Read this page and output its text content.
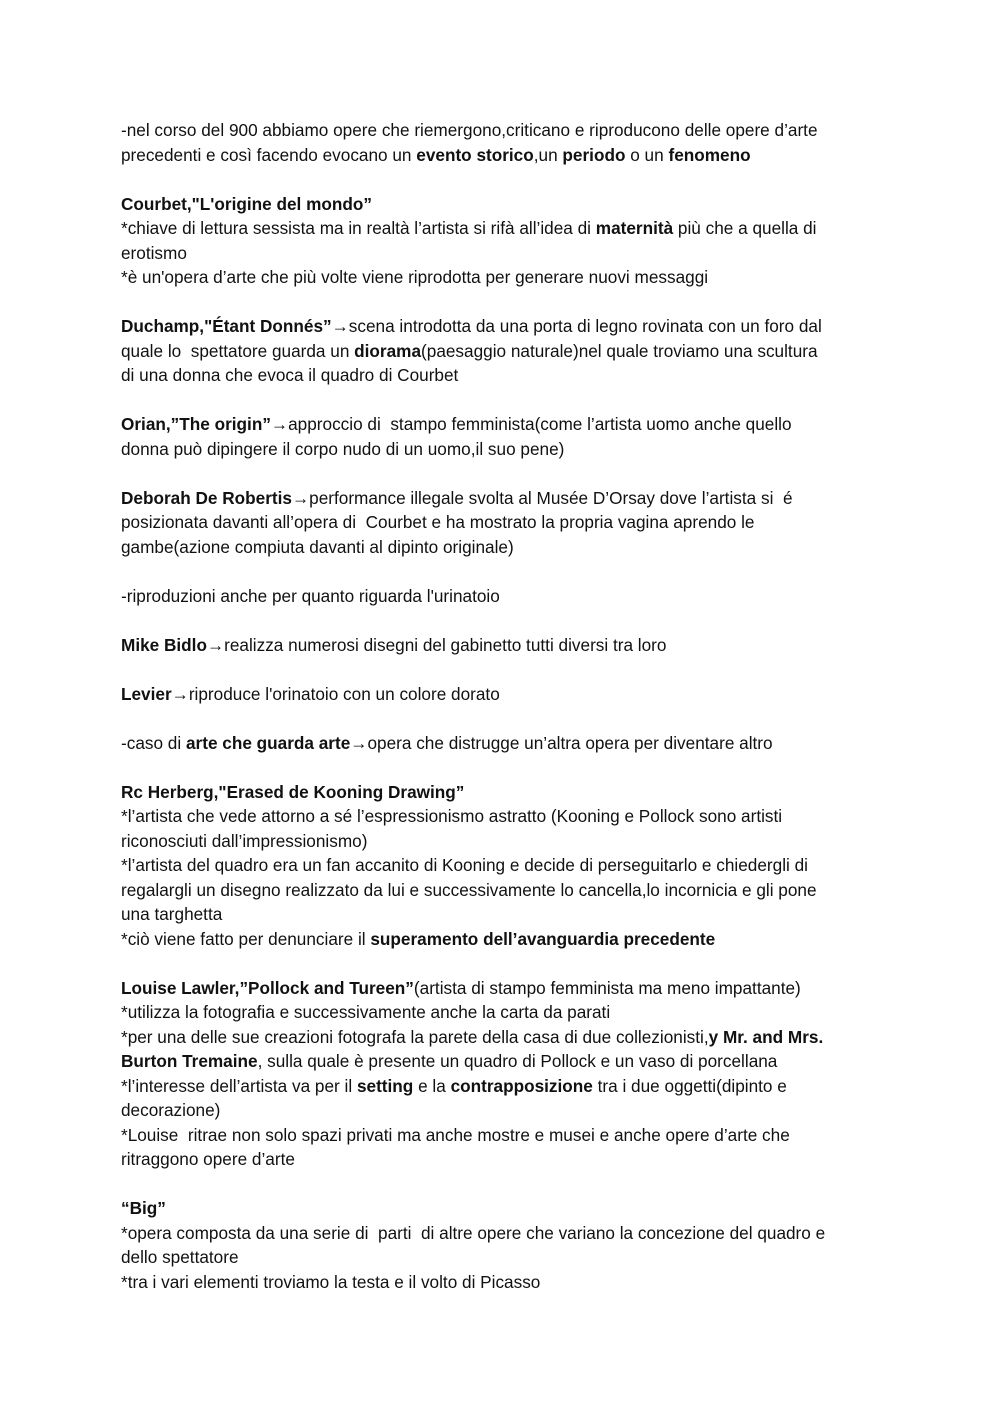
-nel corso del 900 abbiamo opere che riemergono,criticano e riproducono delle opere d’arte
precedenti e così facendo evocano un evento storico,un periodo o un fenomeno
Courbet,"L'origine del mondo”
*chiave di lettura sessista ma in realtà l’artista si rifà all’idea di maternità più che a quella di
erotismo
*è un'opera d’arte che più volte viene riprodotta per generare nuovi messaggi
Duchamp,"Étant Donnés”→scena introdotta da una porta di legno rovinata con un foro dal
quale lo  spettatore guarda un diorama(paesaggio naturale)nel quale troviamo una scultura
di una donna che evoca il quadro di Courbet
Orian,”The origin”→approccio di  stampo femminista(come l’artista uomo anche quello
donna può dipingere il corpo nudo di un uomo,il suo pene)
Deborah De Robertis→performance illegale svolta al Musée D’Orsay dove l’artista si  é
posizionata davanti all’opera di  Courbet e ha mostrato la propria vagina aprendo le
gambe(azione compiuta davanti al dipinto originale)
-riproduzioni anche per quanto riguarda l'urinatoio
Mike Bidlo→realizza numerosi disegni del gabinetto tutti diversi tra loro
Levier→riproduce l'orinatoio con un colore dorato
-caso di arte che guarda arte→opera che distrugge un’altra opera per diventare altro
Rc Herberg,"Erased de Kooning Drawing”
*l’artista che vede attorno a sé l’espressionismo astratto (Kooning e Pollock sono artisti
riconosciuti dall’impressionismo)
*l’artista del quadro era un fan accanito di Kooning e decide di perseguitarlo e chiedergli di
regalargli un disegno realizzato da lui e successivamente lo cancella,lo incornicia e gli pone
una targhetta
*ciò viene fatto per denunciare il superamento dell’avanguardia precedente
Louise Lawler,”Pollock and Tureen”(artista di stampo femminista ma meno impattante)
*utilizza la fotografia e successivamente anche la carta da parati
*per una delle sue creazioni fotografa la parete della casa di due collezionisti,y Mr. and Mrs.
Burton Tremaine, sulla quale è presente un quadro di Pollock e un vaso di porcellana
*l’interesse dell’artista va per il setting e la contrapposizione tra i due oggetti(dipinto e
decorazione)
*Louise  ritrae non solo spazi privati ma anche mostre e musei e anche opere d’arte che
ritraggono opere d’arte
“Big”
*opera composta da una serie di  parti  di altre opere che variano la concezione del quadro e
dello spettatore
*tra i vari elementi troviamo la testa e il volto di Picasso
